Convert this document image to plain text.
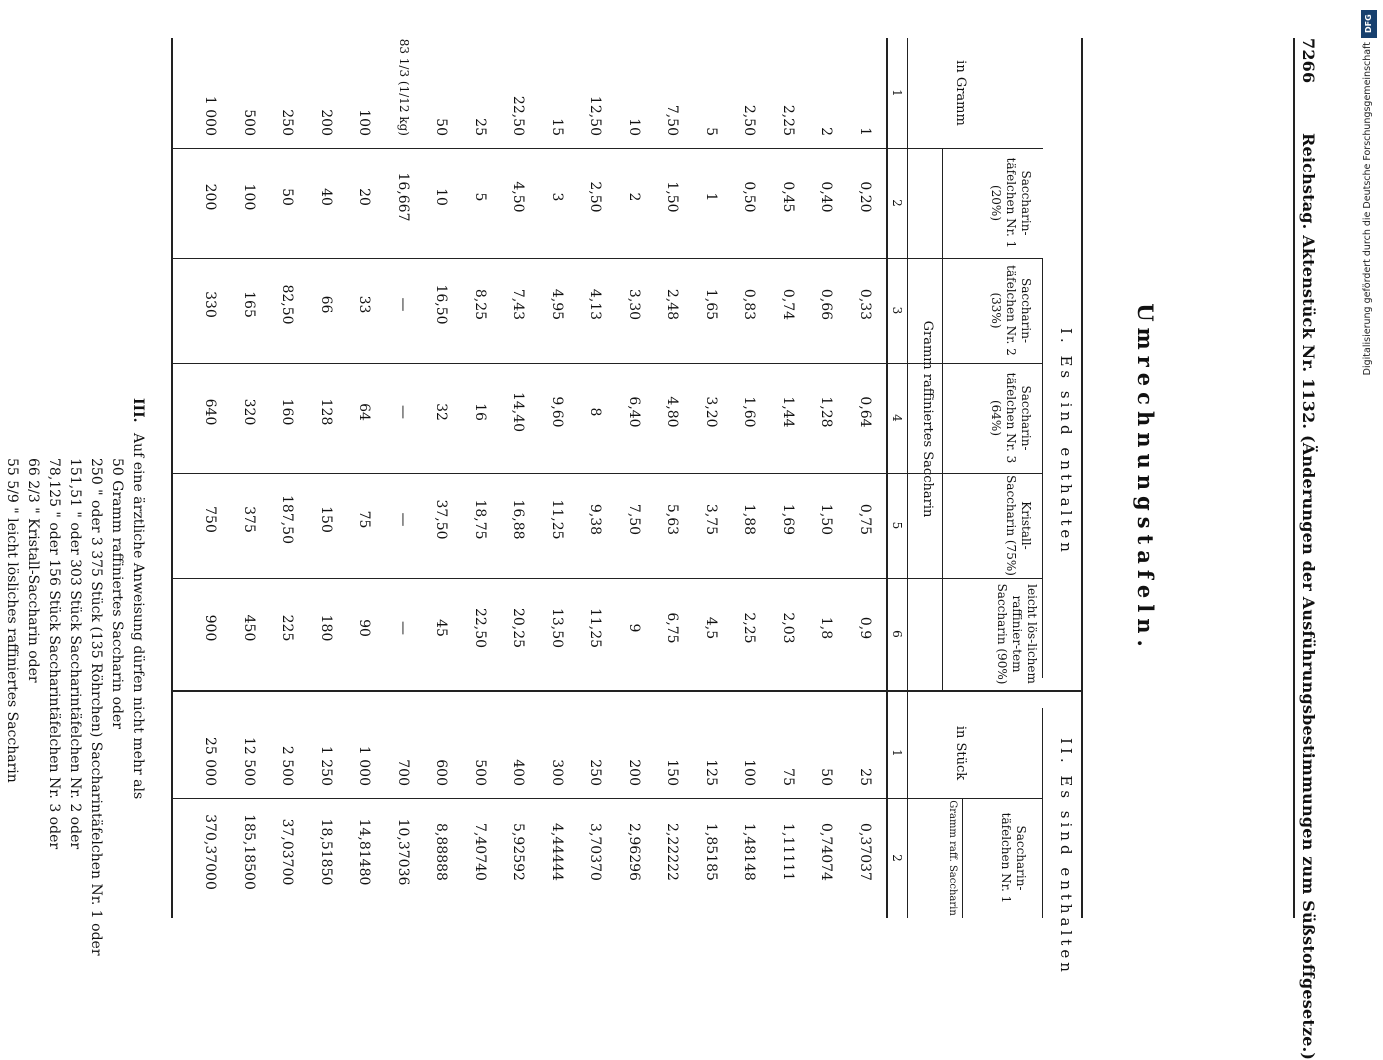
7266
Reichstag. Aktenstück Nr. 1132. (Änderungen der Ausführungsbestimmungen zum Süßstoffgesetze.)
Umrechnungstafeln.
I. Es sind enthalten
II. Es sind enthalten
in Gramm
Saccharin-täfelchen Nr. 1 (20%)
Saccharin-täfelchen Nr. 2 (33%)
Saccharin-täfelchen Nr. 3 (64%)
Kristall-Saccharin (75%)
leicht lös-lichem raffinier-tem Saccharin (90%)
Gramm raffiniertes Saccharin
in Stück
Saccharin-täfelchen Nr. 1
Gramm raff. Saccharin
1
2
3
4
5
6
1
2
1
0,20
0,33
0,64
0,75
0,9
2
0,40
0,66
1,28
1,50
1,8
2,25
0,45
0,74
1,44
1,69
2,03
2,50
0,50
0,83
1,60
1,88
2,25
5
1
1,65
3,20
3,75
4,5
7,50
1,50
2,48
4,80
5,63
6,75
10
2
3,30
6,40
7,50
9
12,50
2,50
4,13
8
9,38
11,25
15
3
4,95
9,60
11,25
13,50
22,50
4,50
7,43
14,40
16,88
20,25
25
5
8,25
16
18,75
22,50
50
10
16,50
32
37,50
45
83 1/3 (1/12 kg)
16,667
—
—
—
—
100
20
33
64
75
90
200
40
66
128
150
180
250
50
82,50
160
187,50
225
500
100
165
320
375
450
1 000
200
330
640
750
900
25
0,37037
50
0,74074
75
1,11111
100
1,48148
125
1,85185
150
2,22222
200
2,96296
250
3,70370
300
4,44444
400
5,92592
500
7,40740
600
8,88888
700
10,37036
1 000
14,81480
1 250
18,51850
2 500
37,03700
12 500
185,18500
25 000
370,37000
III.
Auf eine ärztliche Anweisung dürfen nicht mehr als
50 Gramm raffiniertes Saccharin oder
250 " oder 3 375 Stück (135 Röhrchen) Saccharintäfelchen Nr. 1 oder
151,51 " oder 303 Stück Saccharintäfelchen Nr. 2 oder
78,125 " oder 156 Stück Saccharintäfelchen Nr. 3 oder
66 2/3 " Kristall-Saccharin oder
55 5/9 " leicht lösliches raffiniertes Saccharin
DFG
Digitalisierung gefördert durch die Deutsche Forschungsgemeinschaft
